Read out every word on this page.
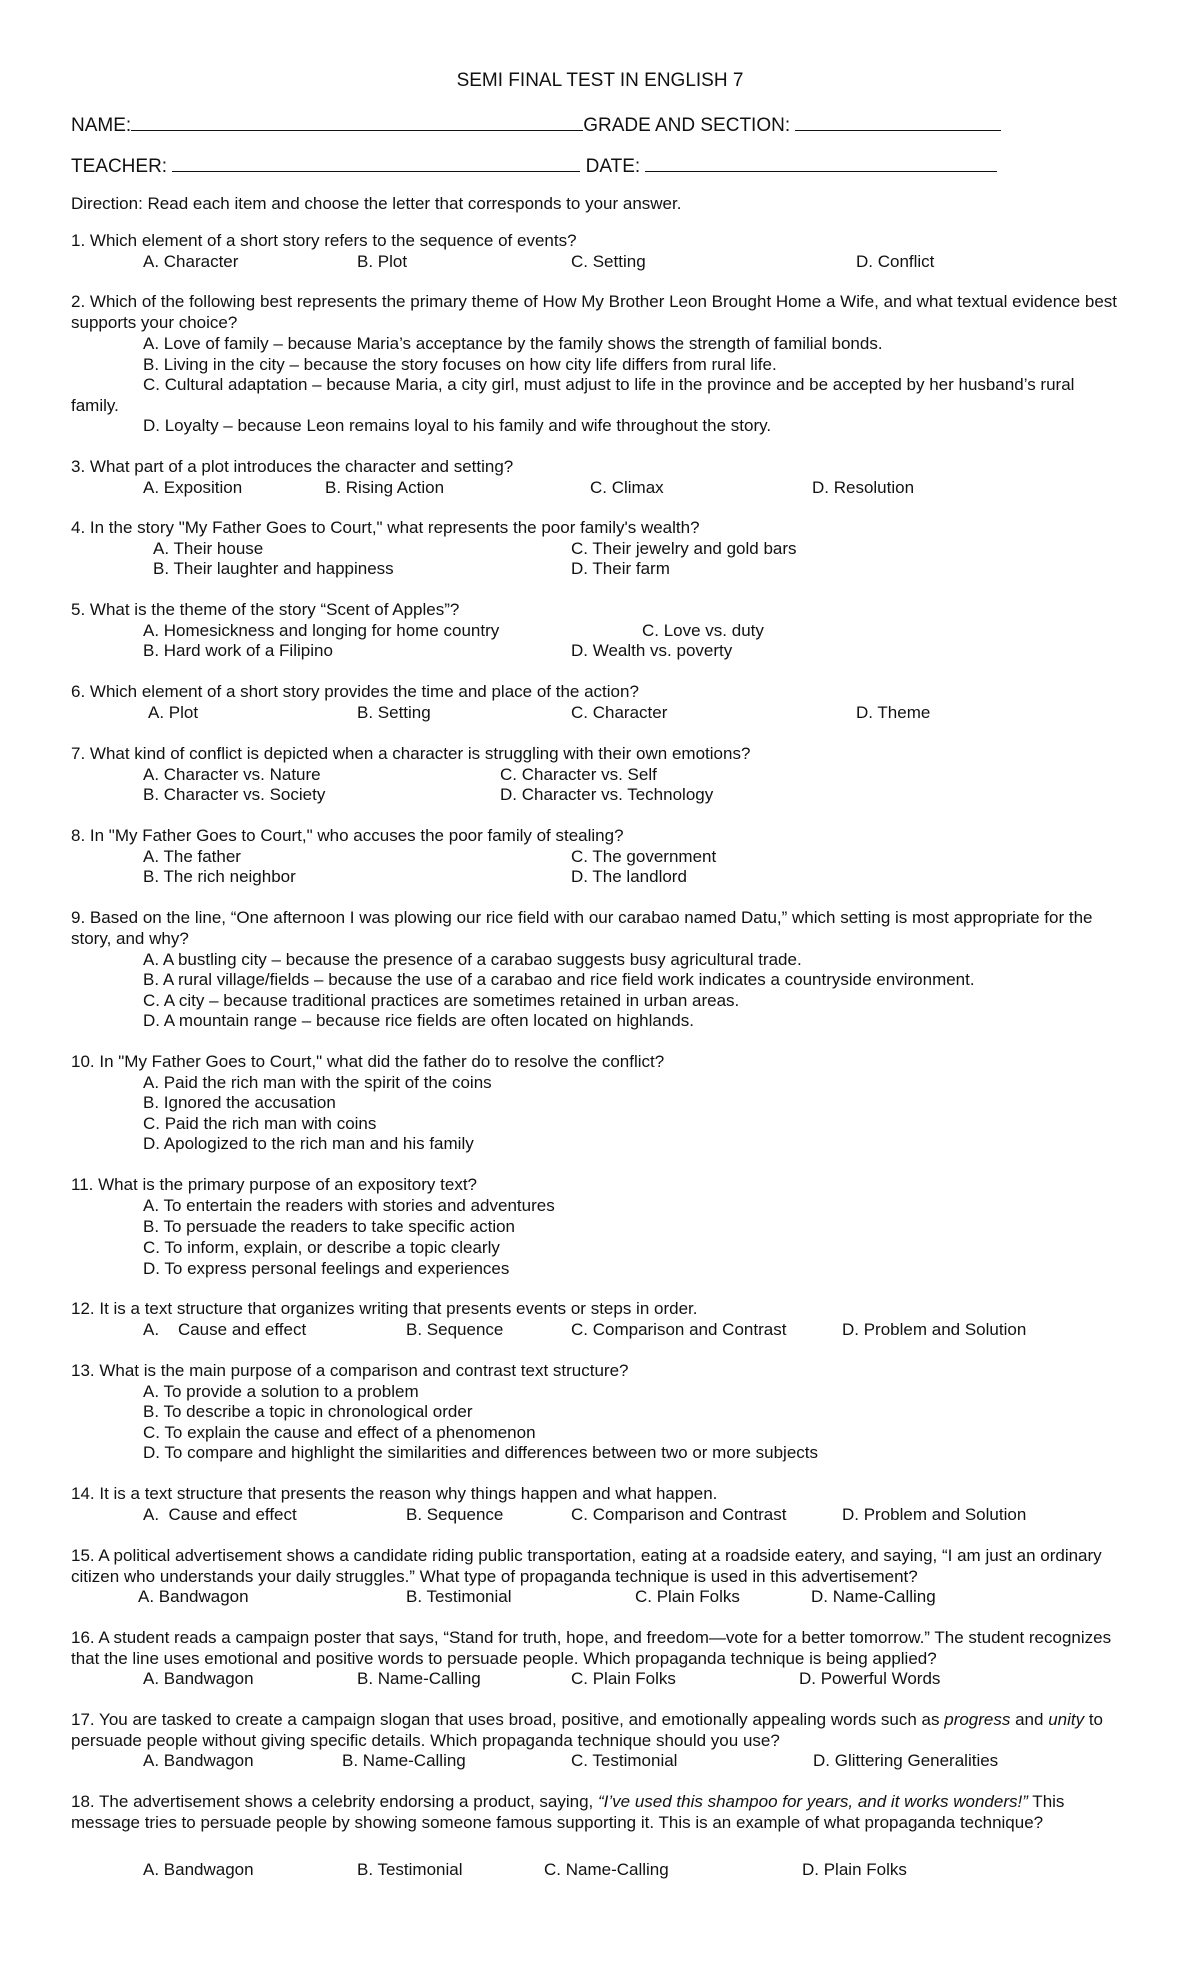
SEMI FINAL TEST IN ENGLISH 7
NAME:	GRADE AND SECTION:
TEACHER:	DATE:
Direction: Read each item and choose the letter that corresponds to your answer.
1. Which element of a short story refers to the sequence of events?
A. Character	B. Plot	C. Setting	D. Conflict
2. Which of the following best represents the primary theme of How My Brother Leon Brought Home a Wife, and what textual evidence best supports your choice?
A. Love of family – because Maria’s acceptance by the family shows the strength of familial bonds.
B. Living in the city – because the story focuses on how city life differs from rural life.
C. Cultural adaptation – because Maria, a city girl, must adjust to life in the province and be accepted by her husband’s rural
family.
D. Loyalty – because Leon remains loyal to his family and wife throughout the story.
3. What part of a plot introduces the character and setting?
A. Exposition	B. Rising Action	C. Climax	D. Resolution
4. In the story "My Father Goes to Court," what represents the poor family's wealth?
A. Their house	C. Their jewelry and gold bars
B. Their laughter and happiness	D. Their farm
5. What is the theme of the story “Scent of Apples”?
A. Homesickness and longing for home country	C. Love vs. duty
B. Hard work of a Filipino	D. Wealth vs. poverty
6. Which element of a short story provides the time and place of the action?
A. Plot	B. Setting	C. Character	D. Theme
7. What kind of conflict is depicted when a character is struggling with their own emotions?
A. Character vs. Nature	C. Character vs. Self
B. Character vs. Society	D. Character vs. Technology
8. In "My Father Goes to Court," who accuses the poor family of stealing?
A. The father	C. The government
B. The rich neighbor	D. The landlord
9. Based on the line, “One afternoon I was plowing our rice field with our carabao named Datu,” which setting is most appropriate for the story, and why?
A. A bustling city – because the presence of a carabao suggests busy agricultural trade.
B. A rural village/fields – because the use of a carabao and rice field work indicates a countryside environment.
C. A city – because traditional practices are sometimes retained in urban areas.
D. A mountain range – because rice fields are often located on highlands.
10. In "My Father Goes to Court," what did the father do to resolve the conflict?
A. Paid the rich man with the spirit of the coins
B. Ignored the accusation
C. Paid the rich man with coins
D. Apologized to the rich man and his family
11. What is the primary purpose of an expository text?
A. To entertain the readers with stories and adventures
B. To persuade the readers to take specific action
C. To inform, explain, or describe a topic clearly
D. To express personal feelings and experiences
12. It is a text structure that organizes writing that presents events or steps in order.
A.    Cause and effect	B. Sequence	C. Comparison and Contrast	D. Problem and Solution
13. What is the main purpose of a comparison and contrast text structure?
A. To provide a solution to a problem
B. To describe a topic in chronological order
C. To explain the cause and effect of a phenomenon
D. To compare and highlight the similarities and differences between two or more subjects
14. It is a text structure that presents the reason why things happen and what happen.
A.  Cause and effect	B. Sequence	C. Comparison and Contrast	D. Problem and Solution
15. A political advertisement shows a candidate riding public transportation, eating at a roadside eatery, and saying, “I am just an ordinary citizen who understands your daily struggles.” What type of propaganda technique is used in this advertisement?
A. Bandwagon	B. Testimonial	C. Plain Folks	D. Name-Calling
16. A student reads a campaign poster that says, “Stand for truth, hope, and freedom—vote for a better tomorrow.” The student recognizes that the line uses emotional and positive words to persuade people. Which propaganda technique is being applied?
A. Bandwagon	B. Name-Calling	C. Plain Folks	D. Powerful Words
17. You are tasked to create a campaign slogan that uses broad, positive, and emotionally appealing words such as progress and unity to persuade people without giving specific details. Which propaganda technique should you use?
A. Bandwagon	B. Name-Calling	C. Testimonial	D. Glittering Generalities
18. The advertisement shows a celebrity endorsing a product, saying, “I’ve used this shampoo for years, and it works wonders!” This message tries to persuade people by showing someone famous supporting it. This is an example of what propaganda technique?
A. Bandwagon	B. Testimonial	C. Name-Calling	D. Plain Folks
